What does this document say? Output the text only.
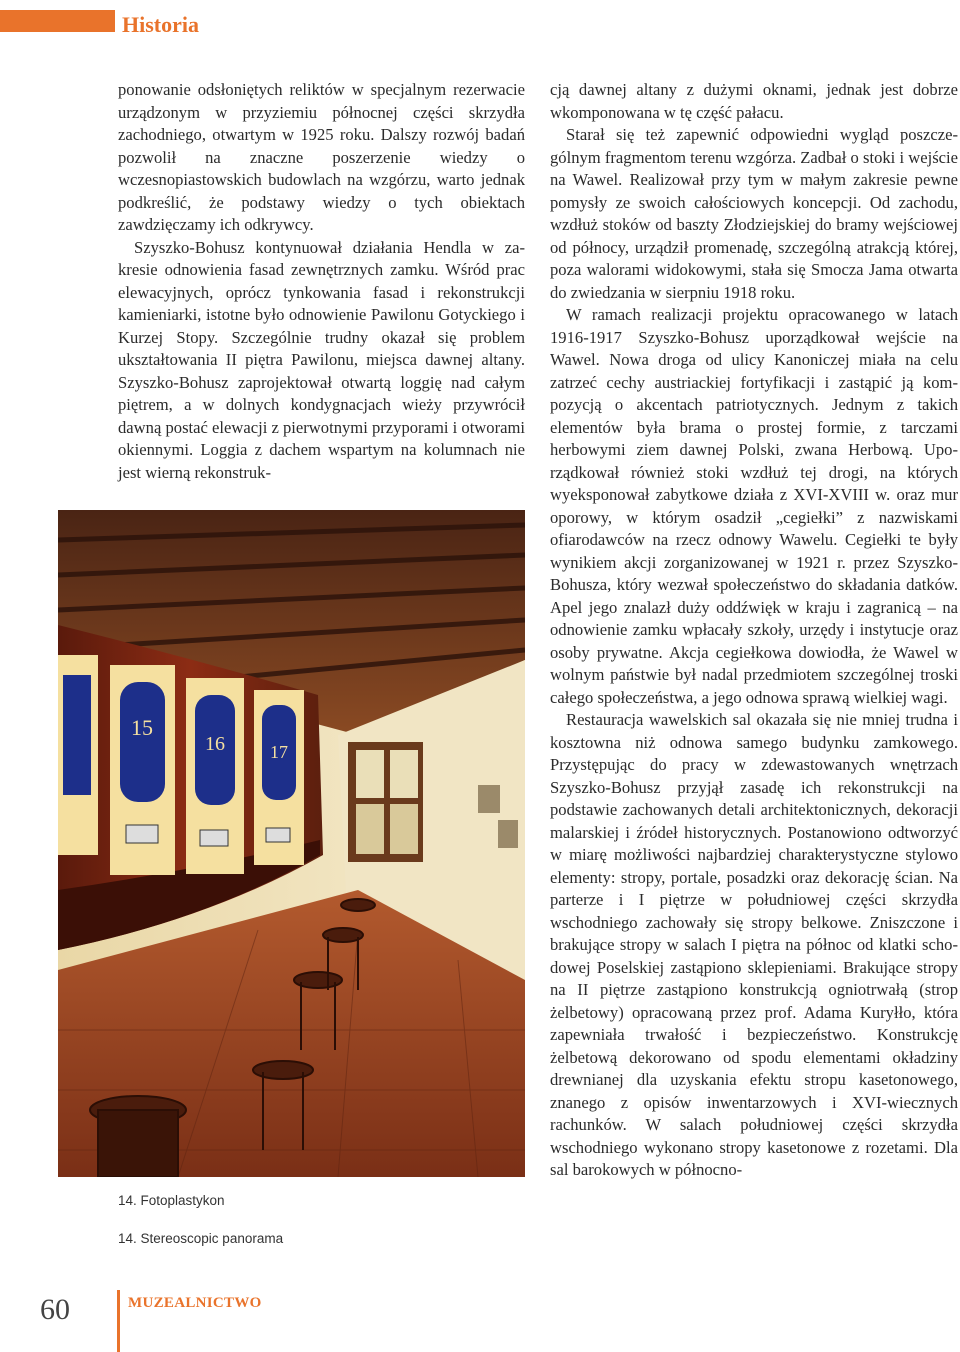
Historia

ponowanie odsłoniętych reliktów w specjalnym rezerwacie urządzonym w przyziemiu północnej części skrzydła zachodniego, otwartym w 1925 roku. Dalszy rozwój badań pozwolił na znaczne poszerzenie wiedzy o wczesnopiastowskich budowlach na wzgórzu, warto jednak podkreślić, że podstawy wiedzy o tych obiektach zawdzięczamy ich odkrywcy.

Szyszko-Bohusz kontynuował działania Hendla w zakresie odnowienia fasad zewnętrznych zamku. Wśród prac elewacyjnych, oprócz tynkowania fasad i rekonstrukcji kamieniarki, istotne było odnowienie Pawilonu Gotyckiego i Kurzej Stopy. Szczególnie trudny okazał się problem ukształtowania II piętra Pawilonu, miejsca dawnej altany. Szyszko-Bohusz zaprojektował otwartą loggię nad całym piętrem, a w dolnych kondygnacjach wieży przywrócił dawną postać elewacji z pierwotnymi przyporami i otworami okiennymi. Loggia z dachem wspartym na kolumnach nie jest wierną rekonstruk-

15
16	17
14. Fotoplastykon
14. Stereoscopic panorama

cją dawnej altany z dużymi oknami, jednak jest dobrze wkomponowana w tę część pałacu.

Starał się też zapewnić odpowiedni wygląd poszczególnym fragmentom terenu wzgórza. Zadbał o stoki i wejście na Wawel. Realizował przy tym w małym zakresie pewne pomysły ze swoich całościowych koncepcji. Od zachodu, wzdłuż stoków od baszty Złodziejskiej do bramy wejściowej od północy, urządził promenadę, szczególną atrakcją której, poza walorami widokowymi, stała się Smocza Jama otwarta do zwiedzania w sierpniu 1918 roku.

W ramach realizacji projektu opracowanego w latach 1916-1917 Szyszko-Bohusz uporządkował wejście na Wawel. Nowa droga od ulicy Kanoniczej miała na celu zatrzeć cechy austriackiej fortyfikacji i zastąpić ją kompozycją o akcentach patriotycznych. Jednym z takich elementów była brama o prostej formie, z tarczami herbowymi ziem dawnej Polski, zwana Herbową. Uporządkował również stoki wzdłuż tej drogi, na których wyeksponował zabytkowe działa z XVI-XVIII w. oraz mur oporowy, w którym osadził „cegiełki” z nazwiskami ofiarodawców na rzecz odnowy Wawelu. Cegiełki te były wynikiem akcji zorganizowanej w 1921 r. przez Szyszko-Bohusza, który wezwał społeczeństwo do składania datków. Apel jego znalazł duży oddźwięk w kraju i zagranicą – na odnowienie zamku wpłacały szkoły, urzędy i instytucje oraz osoby prywatne. Akcja cegiełkowa dowiodła, że Wawel w wolnym państwie był nadal przedmiotem szczególnej troski całego społeczeństwa, a jego odnowa sprawą wielkiej wagi.

Restauracja wawelskich sal okazała się nie mniej trudna i kosztowna niż odnowa samego budynku zamkowego. Przystępując do pracy w zdewastowanych wnętrzach Szyszko-Bohusz przyjął zasadę ich rekonstrukcji na podstawie zachowanych detali architektonicznych, dekoracji malarskiej i źródeł historycznych. Postanowiono odtworzyć w miarę możliwości najbardziej charakterystyczne stylowo elementy: stropy, portale, posadzki oraz dekorację ścian. Na parterze i I piętrze w południowej części skrzydła wschodniego zachowały się stropy belkowe. Zniszczone i brakujące stropy w salach I piętra na północ od klatki schodowej Poselskiej zastąpiono sklepieniami. Brakujące stropy na II piętrze zastąpiono konstrukcją ogniotrwałą (strop żelbetowy) opracowaną przez prof. Adama Kuryłło, która zapewniała trwałość i bezpieczeństwo. Konstrukcję żelbetową dekorowano od spodu elementami okładziny drewnianej dla uzyskania efektu stropu kasetonowego, znanego z opisów inwentarzowych i XVI-wiecznych rachunków. W salach południowej części skrzydła wschodniego wykonano stropy kasetonowe z rozetami. Dla sal barokowych w północno-

60	MUZEALNICTWO
